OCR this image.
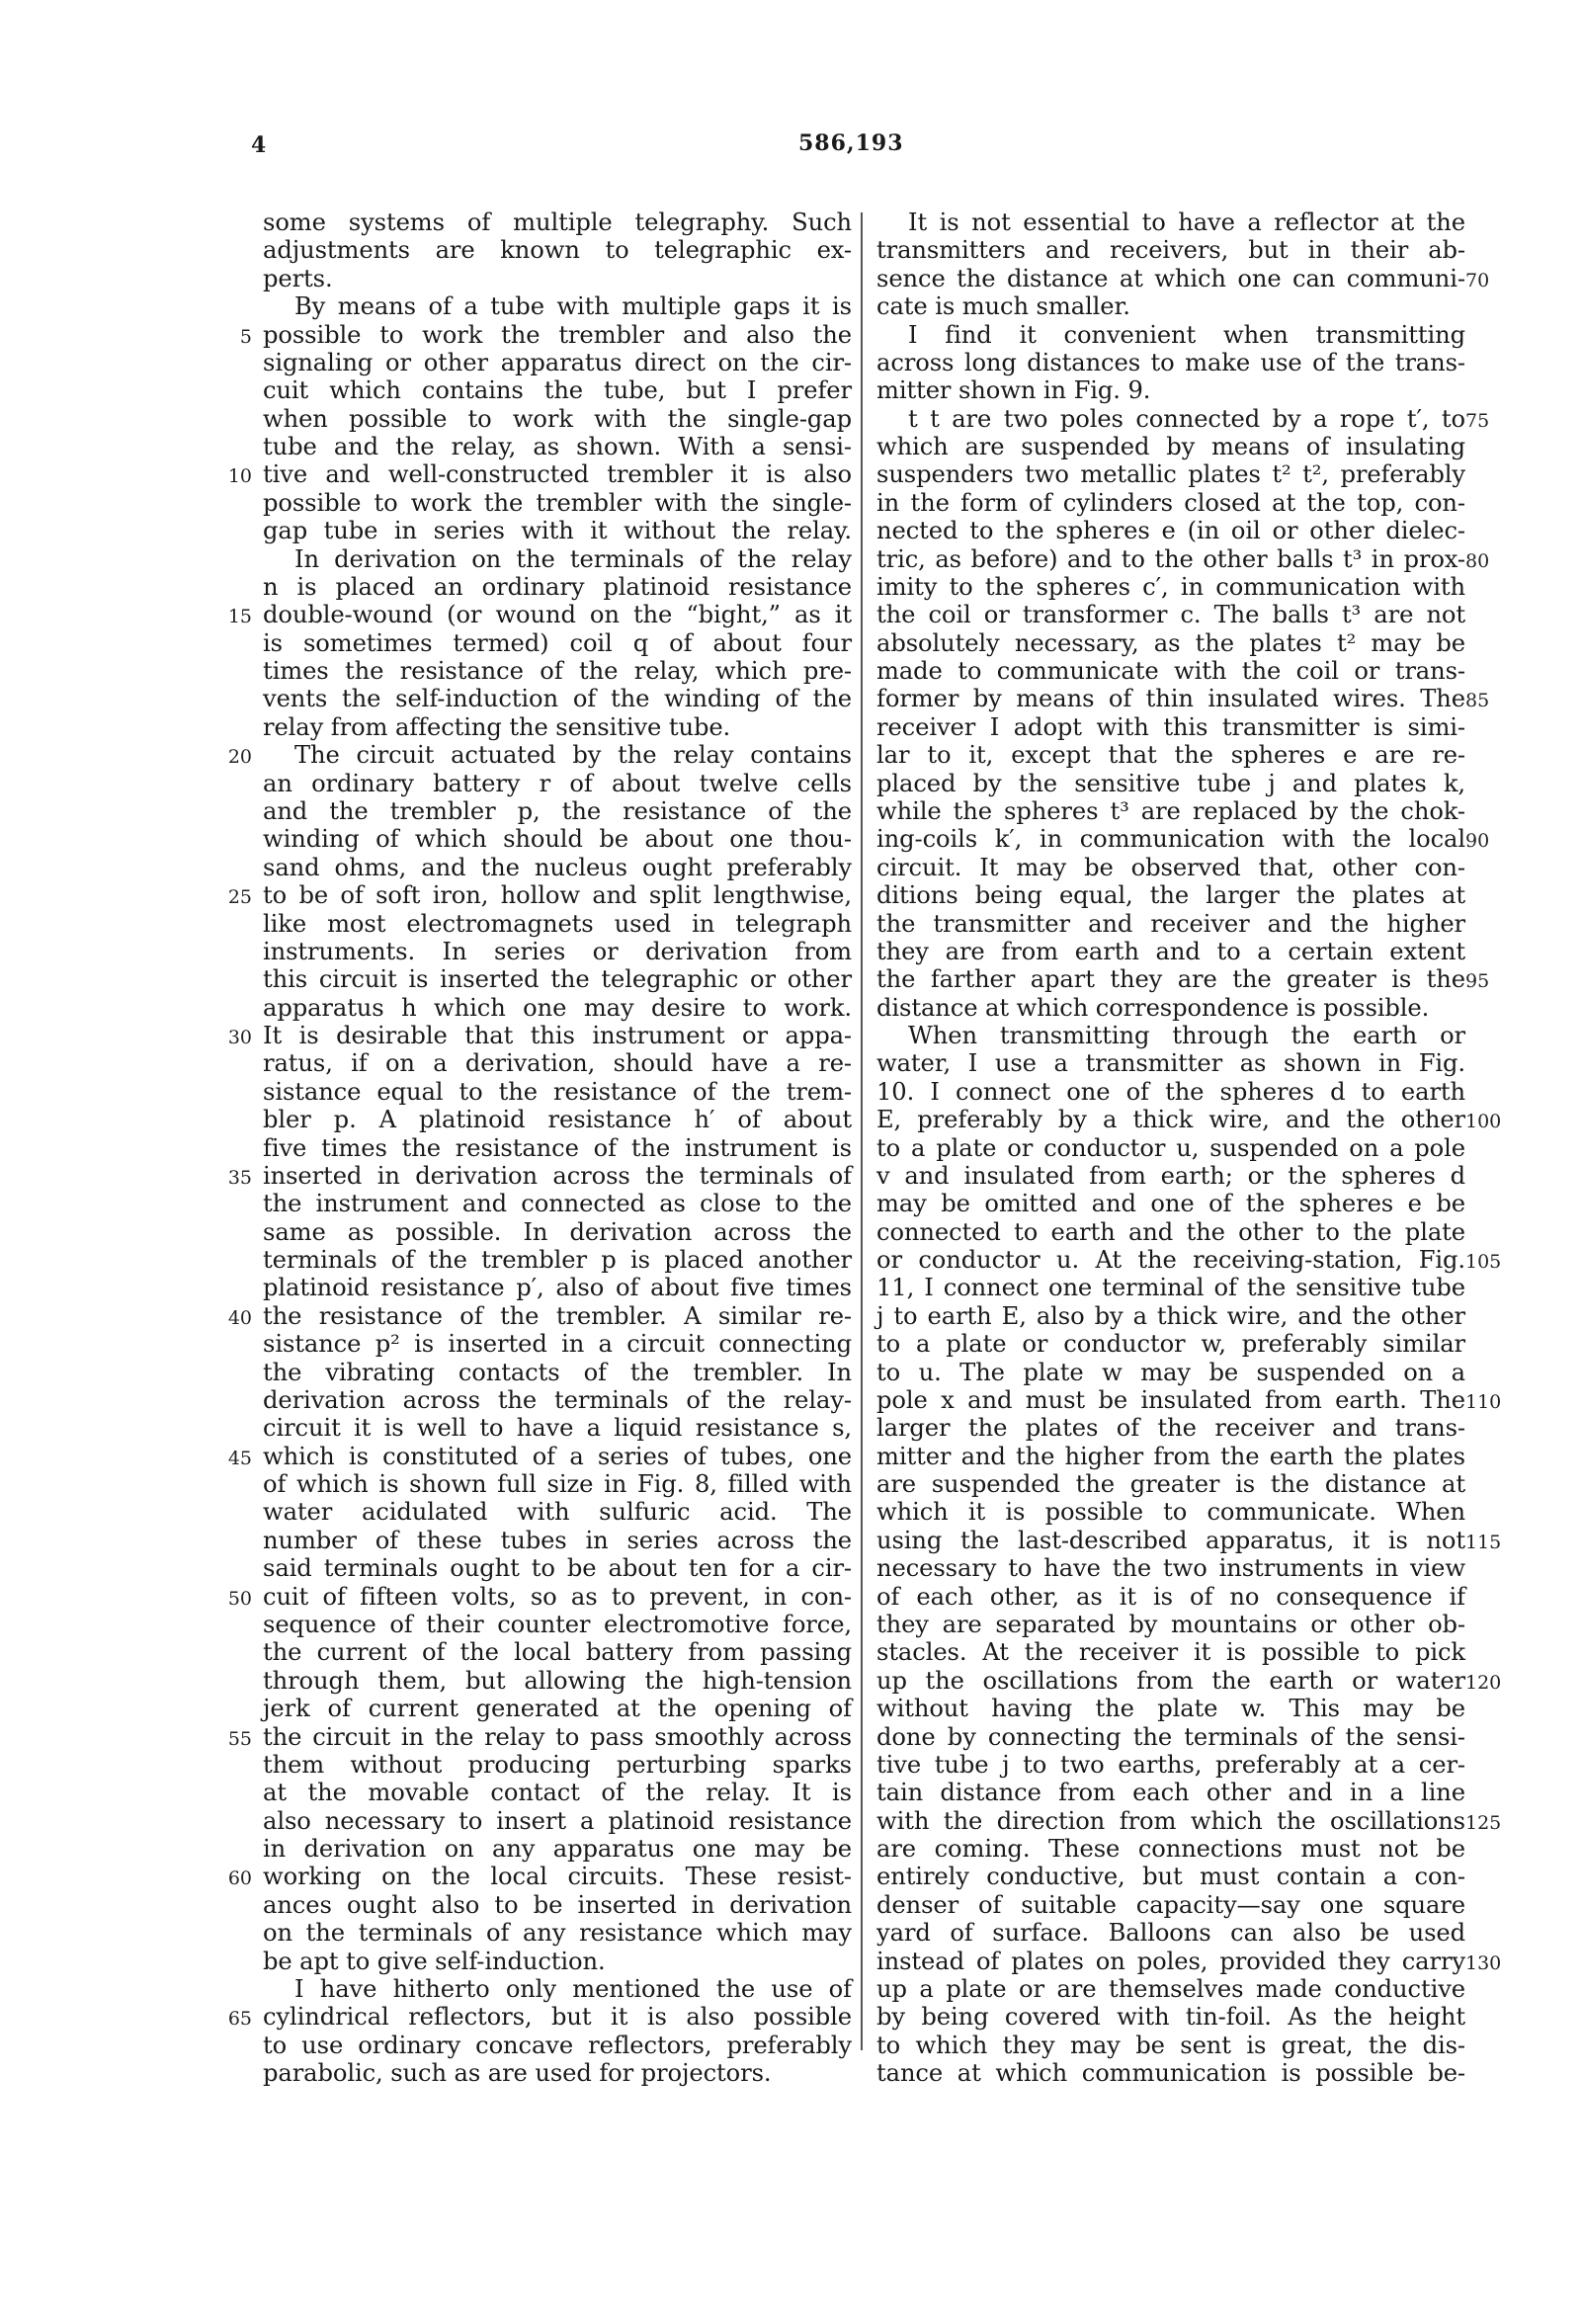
4	586,193
some systems of multiple telegraphy. Such
adjustments are known to telegraphic ex-
perts.
By means of a tube with multiple gaps it is
possible to work the trembler and also the
signaling or other apparatus direct on the cir-
cuit which contains the tube, but I prefer
when possible to work with the single-gap
tube and the relay, as shown. With a sensi-
tive and well-constructed trembler it is also
possible to work the trembler with the single-
gap tube in series with it without the relay.
In derivation on the terminals of the relay
n is placed an ordinary platinoid resistance
double-wound (or wound on the “bight,” as it
is sometimes termed) coil q of about four
times the resistance of the relay, which pre-
vents the self-induction of the winding of the
relay from affecting the sensitive tube.
The circuit actuated by the relay contains
an ordinary battery r of about twelve cells
and the trembler p, the resistance of the
winding of which should be about one thou-
sand ohms, and the nucleus ought preferably
to be of soft iron, hollow and split lengthwise,
like most electromagnets used in telegraph
instruments. In series or derivation from
this circuit is inserted the telegraphic or other
apparatus h which one may desire to work.
It is desirable that this instrument or appa-
ratus, if on a derivation, should have a re-
sistance equal to the resistance of the trem-
bler p. A platinoid resistance h′ of about
five times the resistance of the instrument is
inserted in derivation across the terminals of
the instrument and connected as close to the
same as possible. In derivation across the
terminals of the trembler p is placed another
platinoid resistance p′, also of about five times
the resistance of the trembler. A similar re-
sistance p² is inserted in a circuit connecting
the vibrating contacts of the trembler. In
derivation across the terminals of the relay-
circuit it is well to have a liquid resistance s,
which is constituted of a series of tubes, one
of which is shown full size in Fig. 8, filled with
water acidulated with sulfuric acid. The
number of these tubes in series across the
said terminals ought to be about ten for a cir-
cuit of fifteen volts, so as to prevent, in con-
sequence of their counter electromotive force,
the current of the local battery from passing
through them, but allowing the high-tension
jerk of current generated at the opening of
the circuit in the relay to pass smoothly across
them without producing perturbing sparks
at the movable contact of the relay. It is
also necessary to insert a platinoid resistance
in derivation on any apparatus one may be
working on the local circuits. These resist-
ances ought also to be inserted in derivation
on the terminals of any resistance which may
be apt to give self-induction.
I have hitherto only mentioned the use of
cylindrical reflectors, but it is also possible
to use ordinary concave reflectors, preferably
parabolic, such as are used for projectors.
It is not essential to have a reflector at the
transmitters and receivers, but in their ab-
sence the distance at which one can communi-
cate is much smaller.
I find it convenient when transmitting
across long distances to make use of the trans-
mitter shown in Fig. 9.
t t are two poles connected by a rope t′, to
which are suspended by means of insulating
suspenders two metallic plates t² t², preferably
in the form of cylinders closed at the top, con-
nected to the spheres e (in oil or other dielec-
tric, as before) and to the other balls t³ in prox-
imity to the spheres c′, in communication with
the coil or transformer c. The balls t³ are not
absolutely necessary, as the plates t² may be
made to communicate with the coil or trans-
former by means of thin insulated wires. The
receiver I adopt with this transmitter is simi-
lar to it, except that the spheres e are re-
placed by the sensitive tube j and plates k,
while the spheres t³ are replaced by the chok-
ing-coils k′, in communication with the local
circuit. It may be observed that, other con-
ditions being equal, the larger the plates at
the transmitter and receiver and the higher
they are from earth and to a certain extent
the farther apart they are the greater is the
distance at which correspondence is possible.
When transmitting through the earth or
water, I use a transmitter as shown in Fig.
10. I connect one of the spheres d to earth
E, preferably by a thick wire, and the other
to a plate or conductor u, suspended on a pole
v and insulated from earth; or the spheres d
may be omitted and one of the spheres e be
connected to earth and the other to the plate
or conductor u. At the receiving-station, Fig.
11, I connect one terminal of the sensitive tube
j to earth E, also by a thick wire, and the other
to a plate or conductor w, preferably similar
to u. The plate w may be suspended on a
pole x and must be insulated from earth. The
larger the plates of the receiver and trans-
mitter and the higher from the earth the plates
are suspended the greater is the distance at
which it is possible to communicate. When
using the last-described apparatus, it is not
necessary to have the two instruments in view
of each other, as it is of no consequence if
they are separated by mountains or other ob-
stacles. At the receiver it is possible to pick
up the oscillations from the earth or water
without having the plate w. This may be
done by connecting the terminals of the sensi-
tive tube j to two earths, preferably at a cer-
tain distance from each other and in a line
with the direction from which the oscillations
are coming. These connections must not be
entirely conductive, but must contain a con-
denser of suitable capacity—say one square
yard of surface. Balloons can also be used
instead of plates on poles, provided they carry
up a plate or are themselves made conductive
by being covered with tin-foil. As the height
to which they may be sent is great, the dis-
tance at which communication is possible be-
5
10
15
20
25
30
35
40
45
50
55
60
65
70
75
80
85
90
95
100
105
110
115
120
125
130
